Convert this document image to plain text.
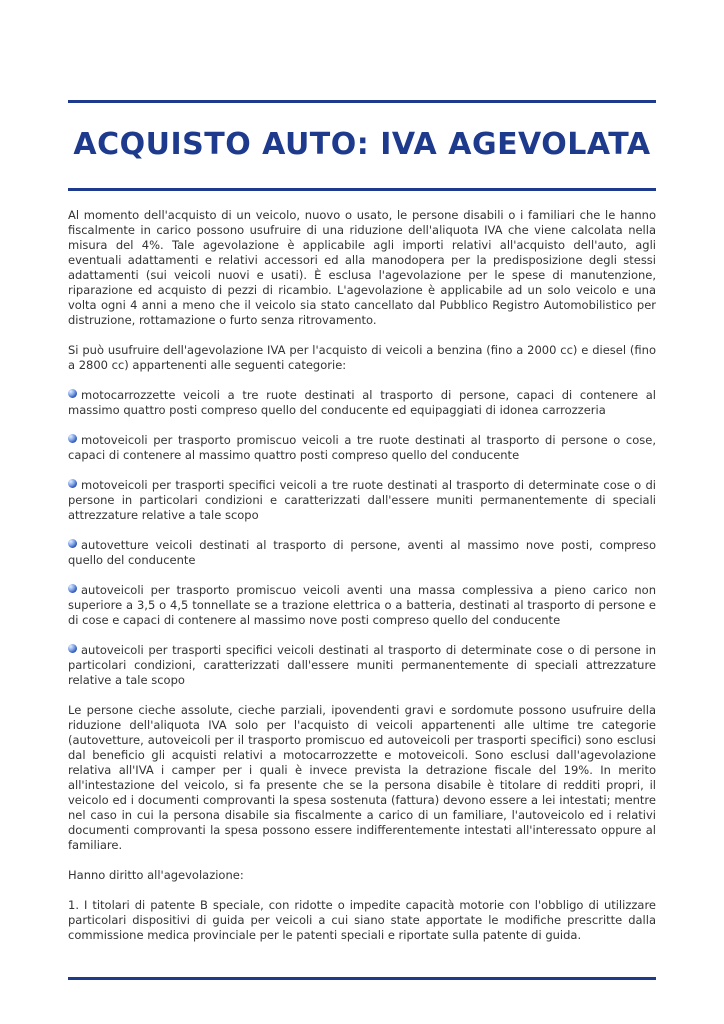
ACQUISTO AUTO: IVA AGEVOLATA

Al momento dell'acquisto di un veicolo, nuovo o usato, le persone disabili o i familiari che le hanno fiscalmente in carico possono usufruire di una riduzione dell'aliquota IVA che viene calcolata nella misura del 4%. Tale agevolazione è applicabile agli importi relativi all'acquisto dell'auto, agli eventuali adattamenti e relativi accessori ed alla manodopera per la predisposizione degli stessi adattamenti (sui veicoli nuovi e usati). È esclusa l'agevolazione per le spese di manutenzione, riparazione ed acquisto di pezzi di ricambio. L'agevolazione è applicabile ad un solo veicolo e una volta ogni 4 anni a meno che il veicolo sia stato cancellato dal Pubblico Registro Automobilistico per distruzione, rottamazione o furto senza ritrovamento.

Si può usufruire dell'agevolazione IVA per l'acquisto di veicoli a benzina (fino a 2000 cc) e diesel (fino a 2800 cc) appartenenti alle seguenti categorie:

motocarrozzette veicoli a tre ruote destinati al trasporto di persone, capaci di contenere al massimo quattro posti compreso quello del conducente ed equipaggiati di idonea carrozzeria

motoveicoli per trasporto promiscuo veicoli a tre ruote destinati al trasporto di persone o cose, capaci di contenere al massimo quattro posti compreso quello del conducente

motoveicoli per trasporti specifici veicoli a tre ruote destinati al trasporto di determinate cose o di persone in particolari condizioni e caratterizzati dall'essere muniti permanentemente di speciali attrezzature relative a tale scopo

autovetture veicoli destinati al trasporto di persone, aventi al massimo nove posti, compreso quello del conducente

autoveicoli per trasporto promiscuo veicoli aventi una massa complessiva a pieno carico non superiore a 3,5 o 4,5 tonnellate se a trazione elettrica o a batteria, destinati al trasporto di persone e di cose e capaci di contenere al massimo nove posti compreso quello del conducente

autoveicoli per trasporti specifici veicoli destinati al trasporto di determinate cose o di persone in particolari condizioni, caratterizzati dall'essere muniti permanentemente di speciali attrezzature relative a tale scopo

Le persone cieche assolute, cieche parziali, ipovendenti gravi e sordomute possono usufruire della riduzione dell'aliquota IVA solo per l'acquisto di veicoli appartenenti alle ultime tre categorie (autovetture, autoveicoli per il trasporto promiscuo ed autoveicoli per trasporti specifici) sono esclusi dal beneficio gli acquisti relativi a motocarrozzette e motoveicoli. Sono esclusi dall'agevolazione relativa all'IVA i camper per i quali è invece prevista la detrazione fiscale del 19%. In merito all'intestazione del veicolo, si fa presente che se la persona disabile è titolare di redditi propri, il veicolo ed i documenti comprovanti la spesa sostenuta (fattura) devono essere a lei intestati; mentre nel caso in cui la persona disabile sia fiscalmente a carico di un familiare, l'autoveicolo ed i relativi documenti comprovanti la spesa possono essere indifferentemente intestati all'interessato oppure al familiare.

Hanno diritto all'agevolazione:

1. I titolari di patente B speciale, con ridotte o impedite capacità motorie con l'obbligo di utilizzare particolari dispositivi di guida per veicoli a cui siano state apportate le modifiche prescritte dalla commissione medica provinciale per le patenti speciali e riportate sulla patente di guida.
